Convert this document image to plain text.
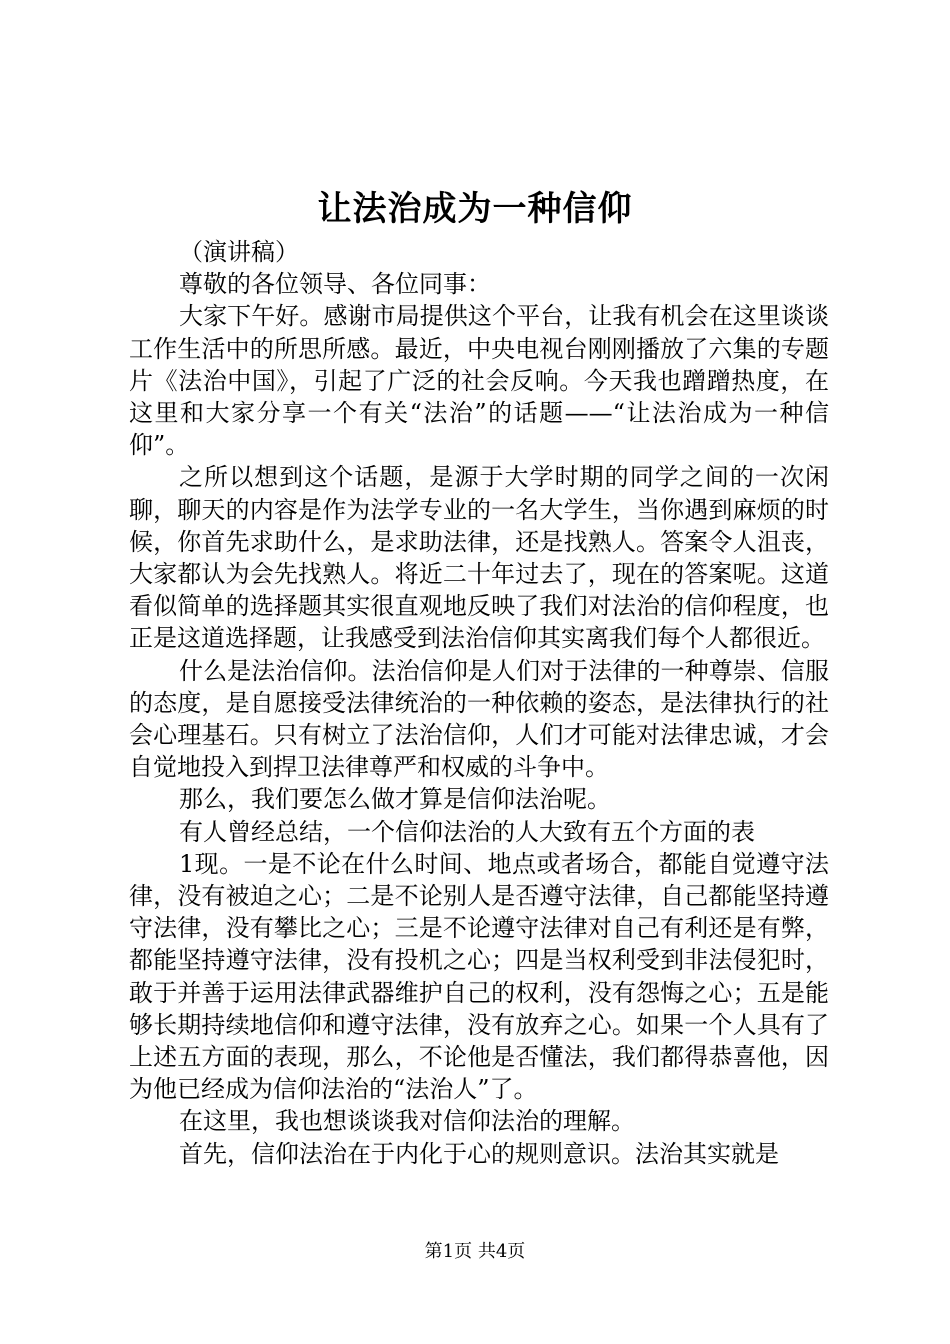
让法治成为一种信仰

（演讲稿）

尊敬的各位领导、各位同事：

大家下午好。感谢市局提供这个平台，让我有机会在这里谈谈工作生活中的所思所感。最近，中央电视台刚刚播放了六集的专题片《法治中国》，引起了广泛的社会反响。今天我也蹭蹭热度，在这里和大家分享一个有关“法治”的话题——“让法治成为一种信仰”。

之所以想到这个话题，是源于大学时期的同学之间的一次闲聊，聊天的内容是作为法学专业的一名大学生，当你遇到麻烦的时候，你首先求助什么，是求助法律，还是找熟人。答案令人沮丧，大家都认为会先找熟人。将近二十年过去了，现在的答案呢。这道看似简单的选择题其实很直观地反映了我们对法治的信仰程度，也正是这道选择题，让我感受到法治信仰其实离我们每个人都很近。

什么是法治信仰。法治信仰是人们对于法律的一种尊崇、信服的态度，是自愿接受法律统治的一种依赖的姿态，是法律执行的社会心理基石。只有树立了法治信仰，人们才可能对法律忠诚，才会自觉地投入到捍卫法律尊严和权威的斗争中。

那么，我们要怎么做才算是信仰法治呢。

有人曾经总结，一个信仰法治的人大致有五个方面的表

1现。一是不论在什么时间、地点或者场合，都能自觉遵守法律，没有被迫之心；二是不论别人是否遵守法律，自己都能坚持遵守法律，没有攀比之心；三是不论遵守法律对自己有利还是有弊，都能坚持遵守法律，没有投机之心；四是当权利受到非法侵犯时，敢于并善于运用法律武器维护自己的权利，没有怨悔之心；五是能够长期持续地信仰和遵守法律，没有放弃之心。如果一个人具有了上述五方面的表现，那么，不论他是否懂法，我们都得恭喜他，因为他已经成为信仰法治的“法治人”了。

在这里，我也想谈谈我对信仰法治的理解。

首先，信仰法治在于内化于心的规则意识。法治其实就是

第1页 共4页
